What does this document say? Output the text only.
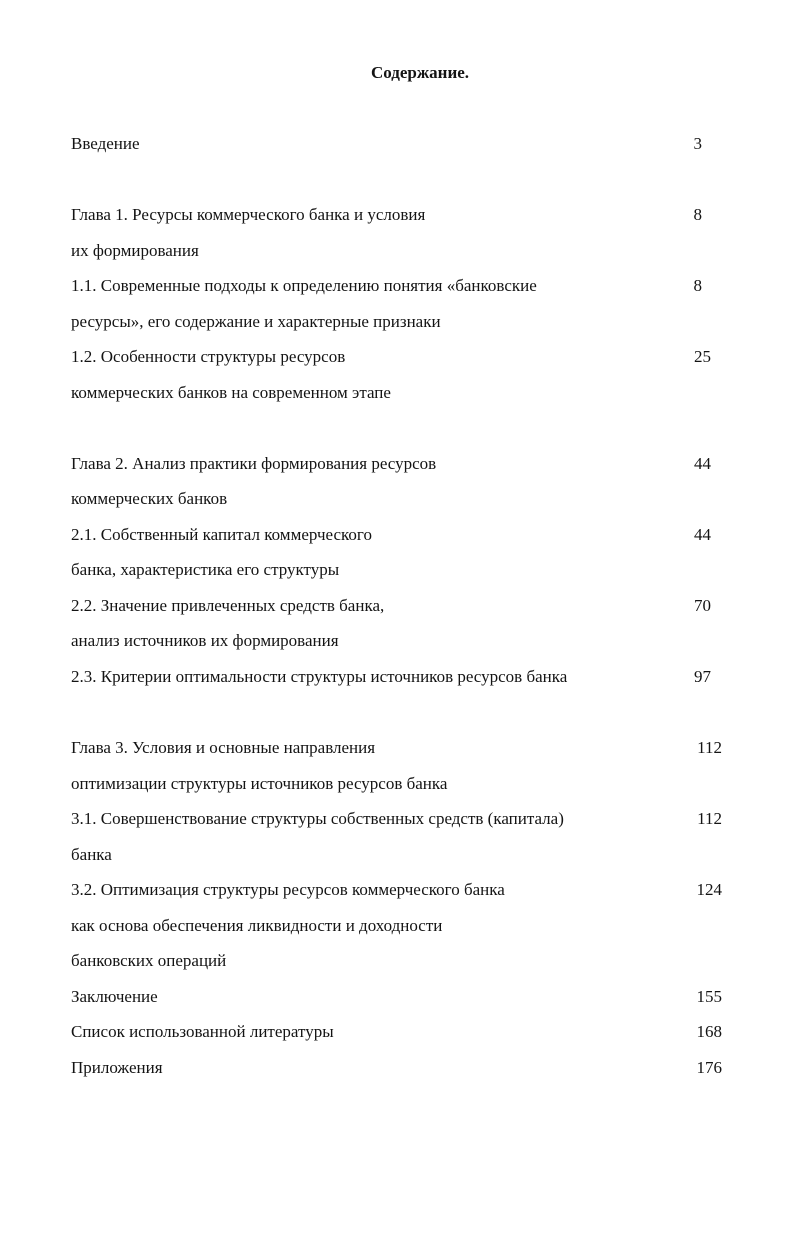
Содержание.
Введение	3
Глава 1. Ресурсы коммерческого банка и условия	8
их формирования
1.1. Современные подходы к определению понятия «банковские	8
ресурсы», его содержание и характерные признаки
1.2. Особенности структуры ресурсов	25
коммерческих банков на современном этапе
Глава 2. Анализ практики формирования ресурсов	44
коммерческих банков
2.1. Собственный капитал коммерческого	44
банка, характеристика его структуры
2.2. Значение привлеченных средств банка,	70
анализ источников их формирования
2.3. Критерии оптимальности структуры источников ресурсов банка	97
Глава 3. Условия и основные направления	112
оптимизации структуры источников ресурсов банка
3.1. Совершенствование структуры собственных средств (капитала)	112
банка
3.2. Оптимизация структуры ресурсов коммерческого банка	124
как основа обеспечения ликвидности и доходности
банковских операций
Заключение	155
Список использованной литературы	168
Приложения	176
